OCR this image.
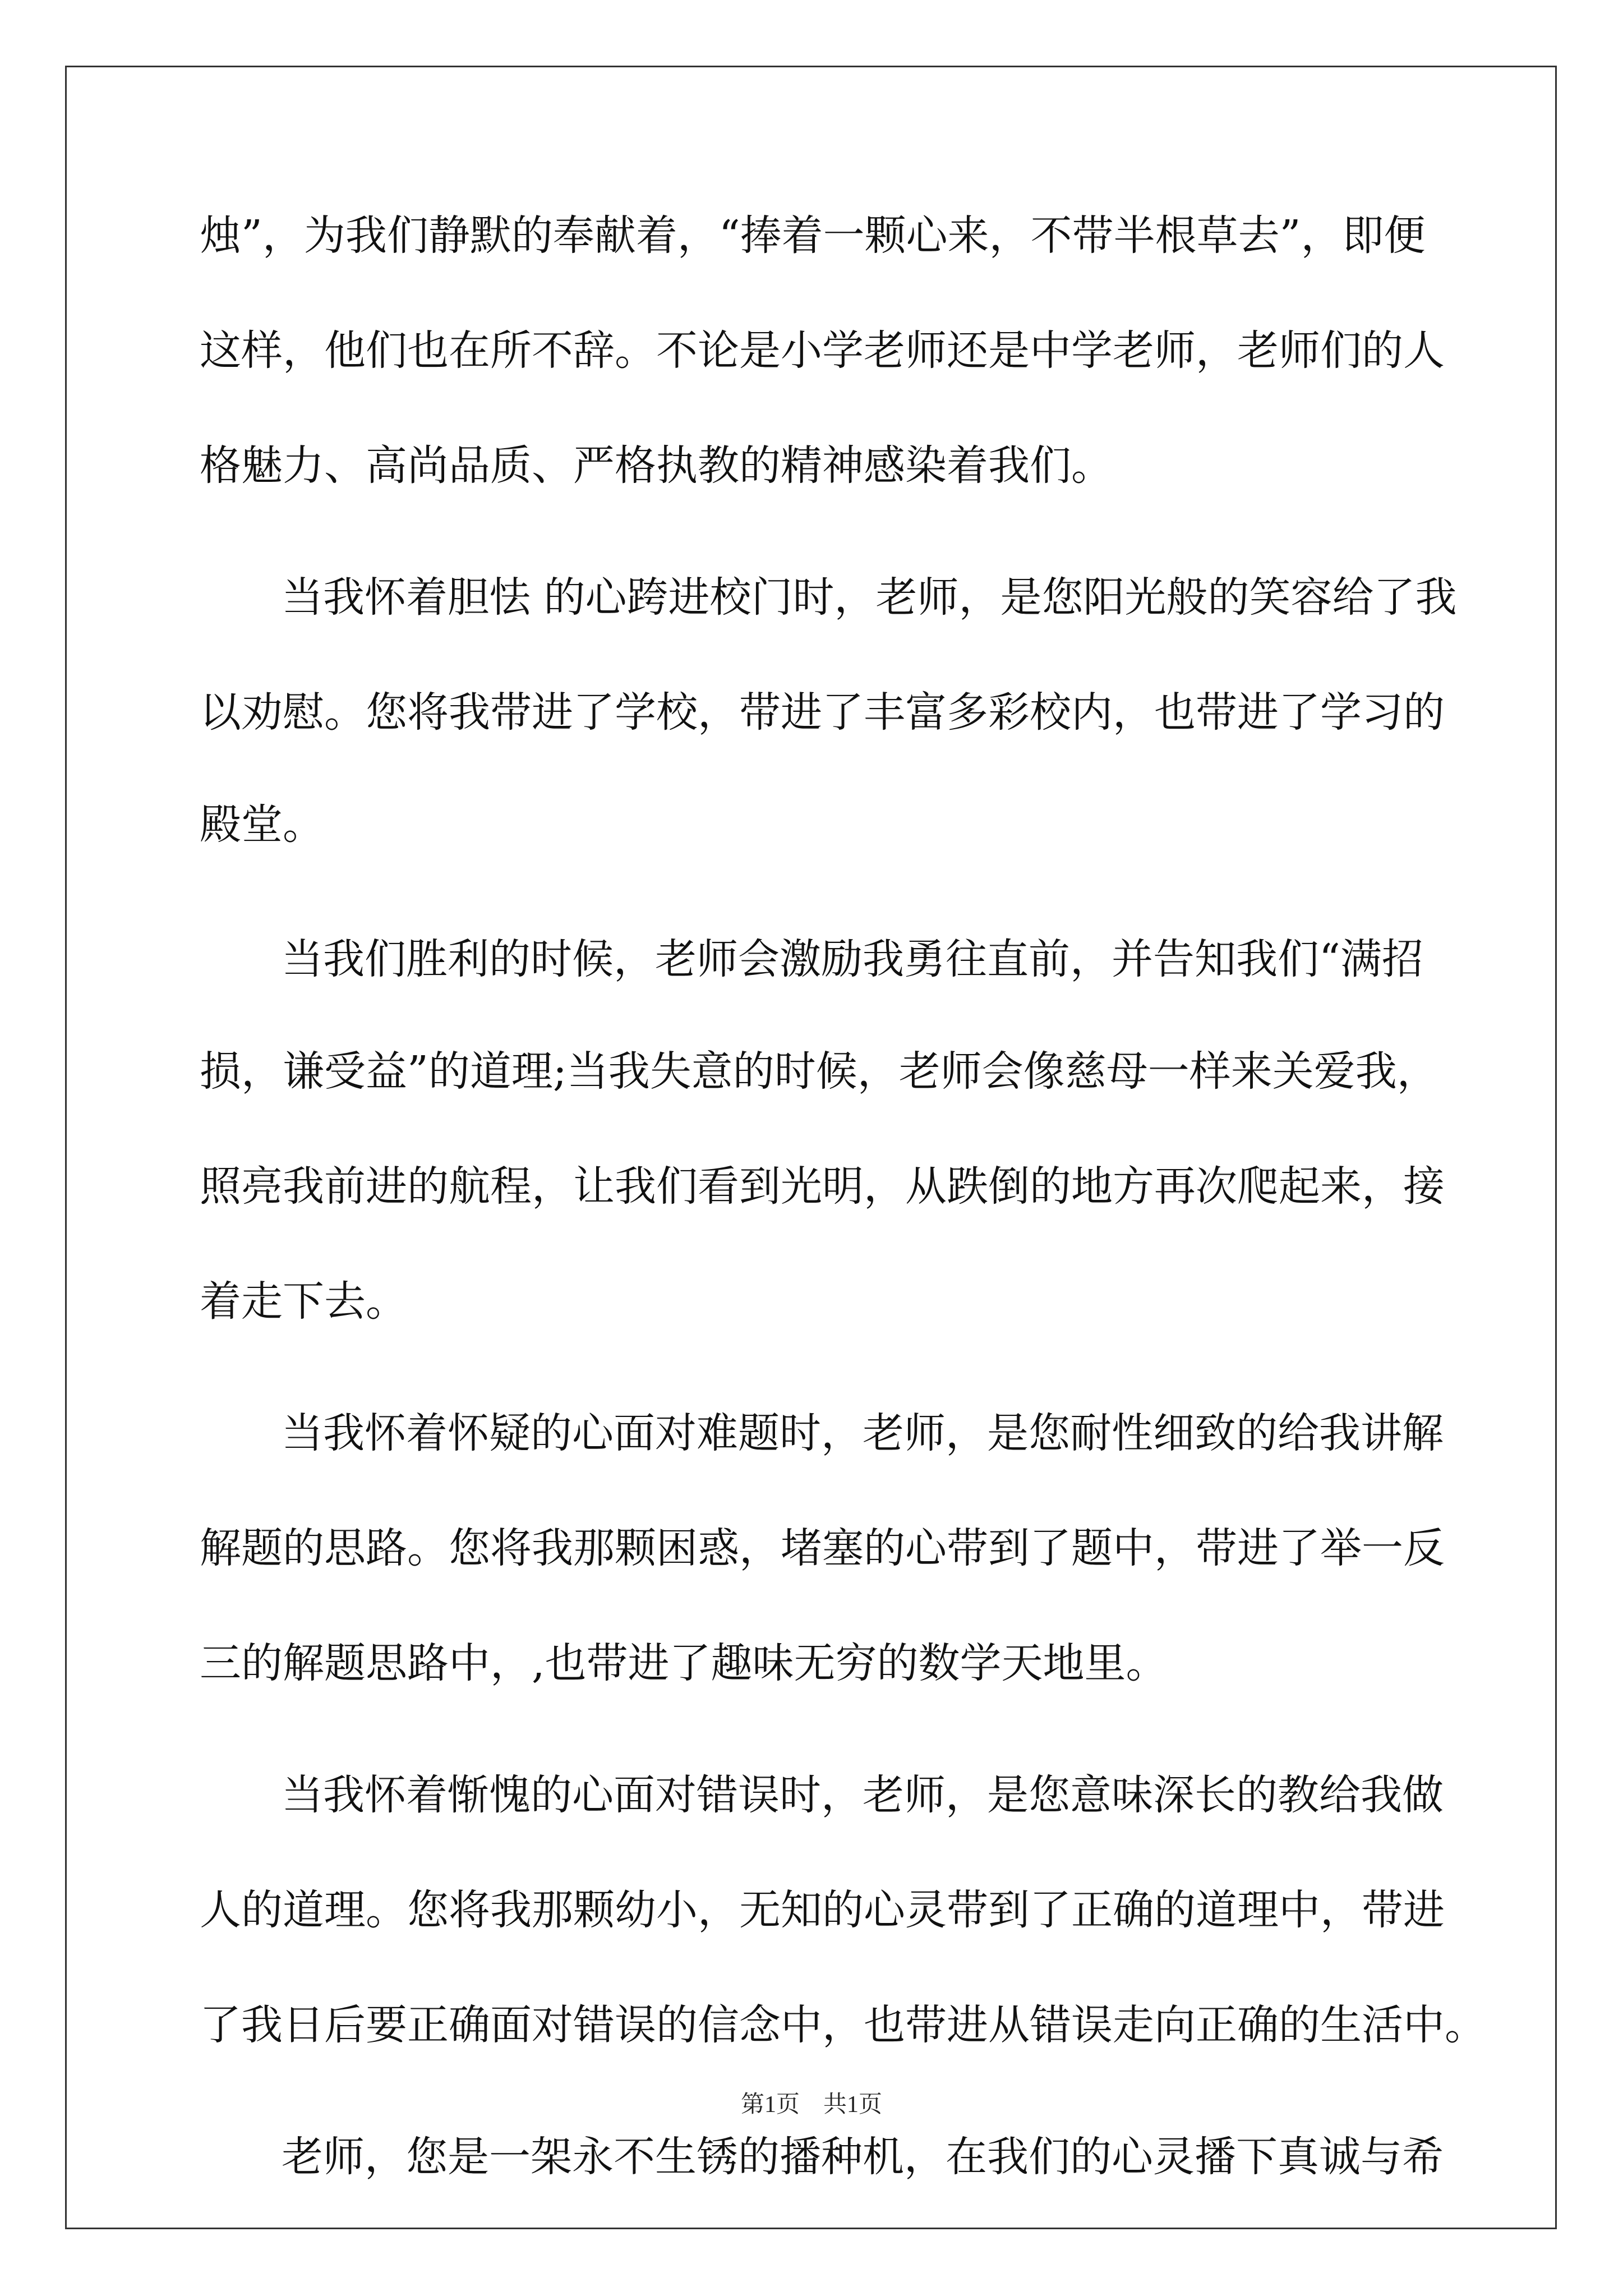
烛”，为我们静默的奉献着，“捧着一颗心来，不带半根草去”，即便
这样，他们也在所不辞。不论是小学老师还是中学老师，老师们的人
格魅力、高尚品质、严格执教的精神感染着我们。
当我怀着胆怯 的心跨进校门时，老师，是您阳光般的笑容给了我
以劝慰。您将我带进了学校，带进了丰富多彩校内，也带进了学习的
殿堂。
当我们胜利的时候，老师会激励我勇往直前，并告知我们“满招
损，谦受益”的道理;当我失意的时候，老师会像慈母一样来关爱我，
照亮我前进的航程，让我们看到光明，从跌倒的地方再次爬起来，接
着走下去。
当我怀着怀疑的心面对难题时，老师，是您耐性细致的给我讲解
解题的思路。您将我那颗困惑，堵塞的心带到了题中，带进了举一反
三的解题思路中，,也带进了趣味无穷的数学天地里。
当我怀着惭愧的心面对错误时，老师，是您意味深长的教给我做
人的道理。您将我那颗幼小，无知的心灵带到了正确的道理中，带进
了我日后要正确面对错误的信念中，也带进从错误走向正确的生活中。
老师，您是一架永不生锈的播种机，在我们的心灵播下真诚与希
第1页　共1页
